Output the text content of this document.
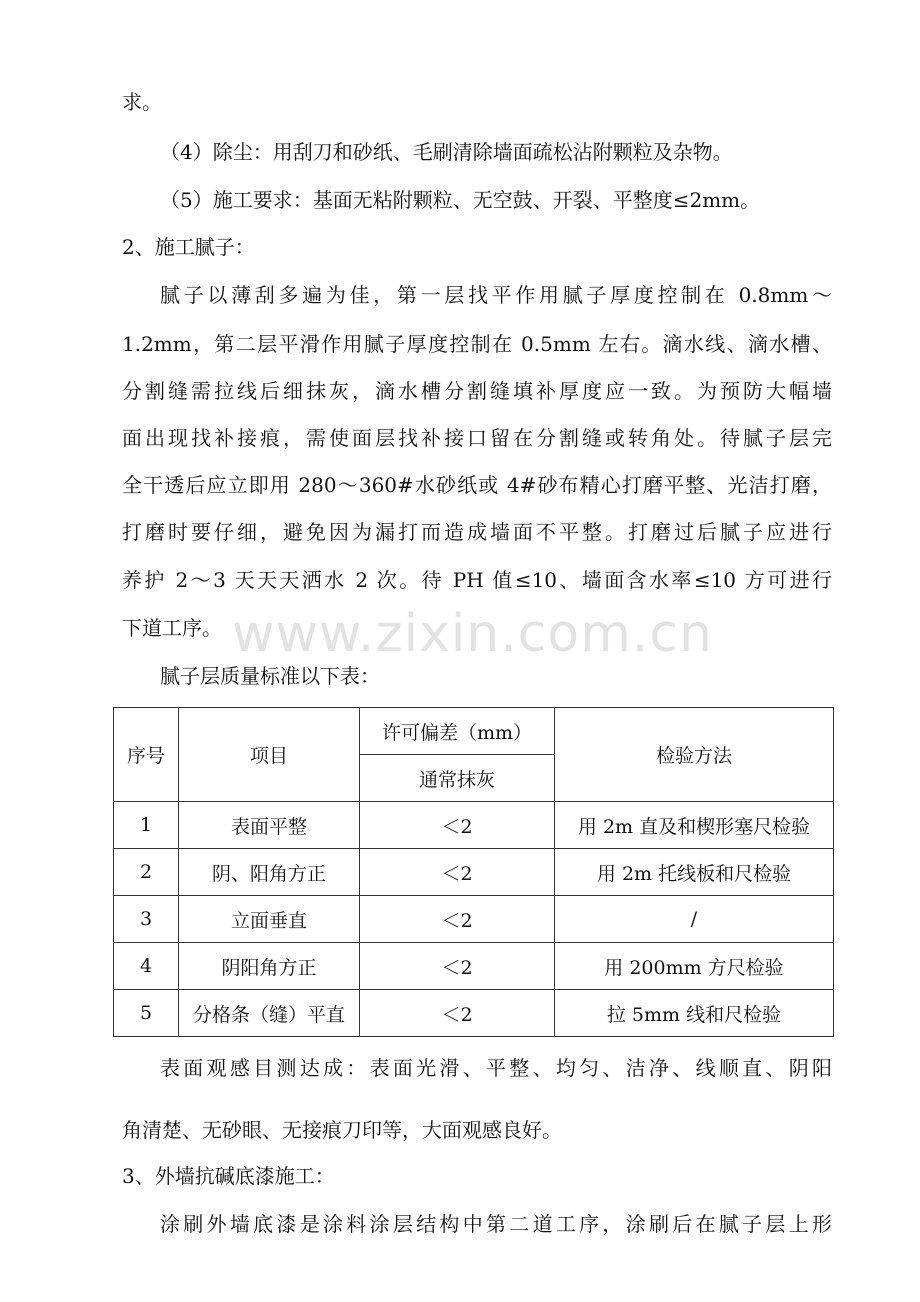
求。
（4）除尘：用刮刀和砂纸、毛刷清除墙面疏松沾附颗粒及杂物。
（5）施工要求：基面无粘附颗粒、无空鼓、开裂、平整度≤2mm。
2、施工腻子：
腻子以薄刮多遍为佳，第一层找平作用腻子厚度控制在 0.8mm～
1.2mm，第二层平滑作用腻子厚度控制在 0.5mm 左右。滴水线、滴水槽、
分割缝需拉线后细抹灰，滴水槽分割缝填补厚度应一致。为预防大幅墙
面出现找补接痕，需使面层找补接口留在分割缝或转角处。待腻子层完
全干透后应立即用 280～360#水砂纸或 4#砂布精心打磨平整、光洁打磨，
打磨时要仔细，避免因为漏打而造成墙面不平整。打磨过后腻子应进行
养护 2～3 天天天洒水 2 次。待 PH 值≤10、墙面含水率≤10 方可进行
下道工序。
腻子层质量标准以下表：
www.zixin.com.cn
序号	项目	许可偏差（mm）	检验方法
		通常抹灰	
1	表面平整	＜2	用 2m 直及和楔形塞尺检验
2	阴、阳角方正	＜2	用 2m 托线板和尺检验
3	立面垂直	＜2	/
4	阴阳角方正	＜2	用 200mm 方尺检验
5	分格条（缝）平直	＜2	拉 5mm 线和尺检验
表面观感目测达成：表面光滑、平整、均匀、洁净、线顺直、阴阳
角清楚、无砂眼、无接痕刀印等，大面观感良好。
3、外墙抗碱底漆施工：
涂刷外墙底漆是涂料涂层结构中第二道工序，涂刷后在腻子层上形
